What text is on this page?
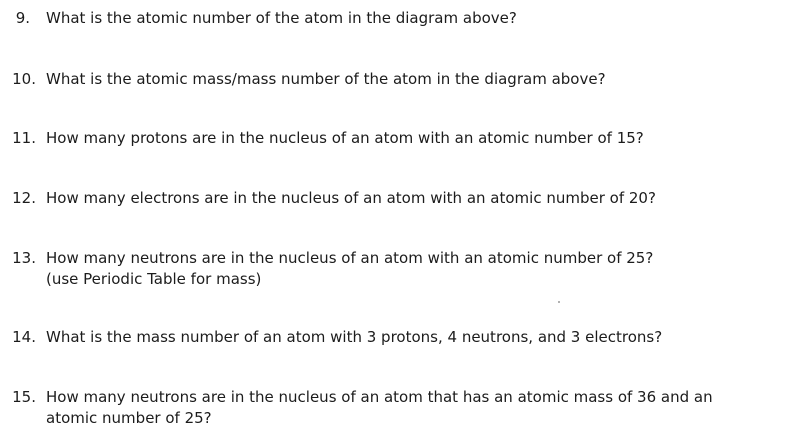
9. What is the atomic number of the atom in the diagram above?
10. What is the atomic mass/mass number of the atom in the diagram above?
11. How many protons are in the nucleus of an atom with an atomic number of 15?
12. How many electrons are in the nucleus of an atom with an atomic number of 20?
13. How many neutrons are in the nucleus of an atom with an atomic number of 25?
(use Periodic Table for mass)
14. What is the mass number of an atom with 3 protons, 4 neutrons, and 3 electrons?
15. How many neutrons are in the nucleus of an atom that has an atomic mass of 36 and an
atomic number of 25?
